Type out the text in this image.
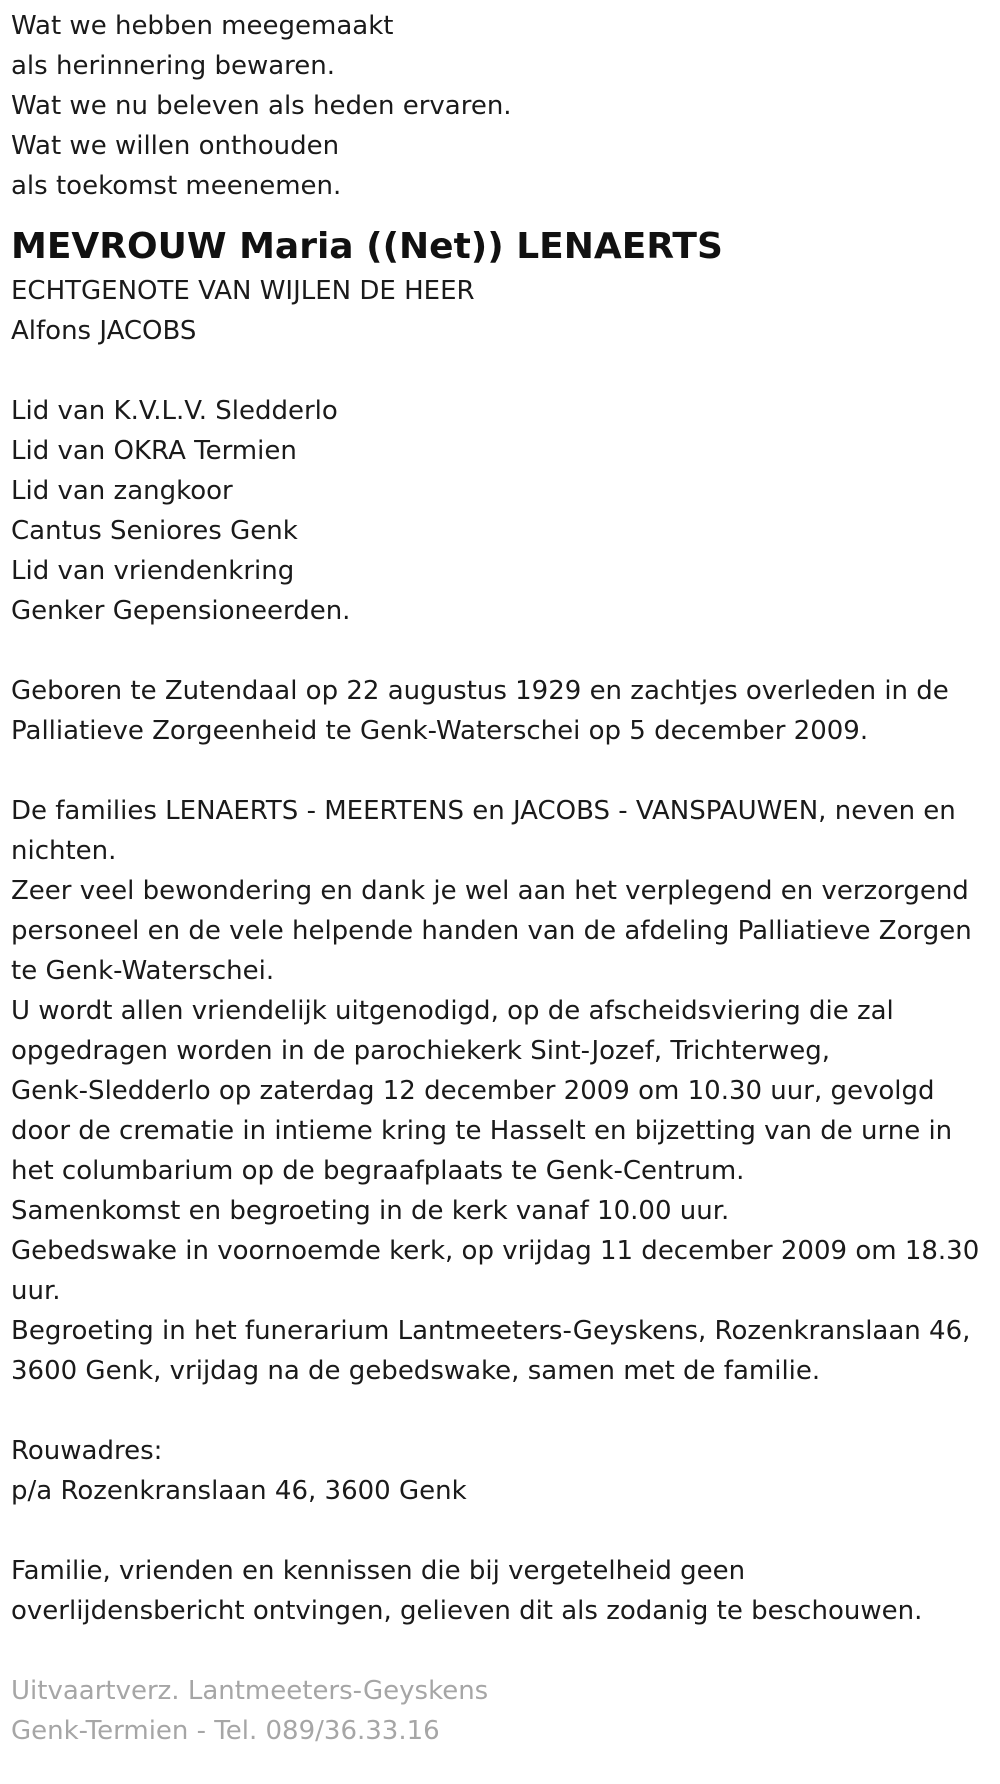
Wat we hebben meegemaakt
als herinnering bewaren.
Wat we nu beleven als heden ervaren.
Wat we willen onthouden
als toekomst meenemen.
MEVROUW Maria ((Net)) LENAERTS
ECHTGENOTE VAN WIJLEN DE HEER
Alfons JACOBS
Lid van K.V.L.V. Sledderlo
Lid van OKRA Termien
Lid van zangkoor
Cantus Seniores Genk
Lid van vriendenkring
Genker Gepensioneerden.
Geboren te Zutendaal op 22 augustus 1929 en zachtjes overleden in de
Palliatieve Zorgeenheid te Genk-Waterschei op 5 december 2009.
De families LENAERTS - MEERTENS en JACOBS - VANSPAUWEN, neven en
nichten.
Zeer veel bewondering en dank je wel aan het verplegend en verzorgend
personeel en de vele helpende handen van de afdeling Palliatieve Zorgen
te Genk-Waterschei.
U wordt allen vriendelijk uitgenodigd, op de afscheidsviering die zal
opgedragen worden in de parochiekerk Sint-Jozef, Trichterweg,
Genk-Sledderlo op zaterdag 12 december 2009 om 10.30 uur, gevolgd
door de crematie in intieme kring te Hasselt en bijzetting van de urne in
het columbarium op de begraafplaats te Genk-Centrum.
Samenkomst en begroeting in de kerk vanaf 10.00 uur.
Gebedswake in voornoemde kerk, op vrijdag 11 december 2009 om 18.30
uur.
Begroeting in het funerarium Lantmeeters-Geyskens, Rozenkranslaan 46,
3600 Genk, vrijdag na de gebedswake, samen met de familie.
Rouwadres:
p/a Rozenkranslaan 46, 3600 Genk
Familie, vrienden en kennissen die bij vergetelheid geen
overlijdensbericht ontvingen, gelieven dit als zodanig te beschouwen.
Uitvaartverz. Lantmeeters-Geyskens
Genk-Termien - Tel. 089/36.33.16
